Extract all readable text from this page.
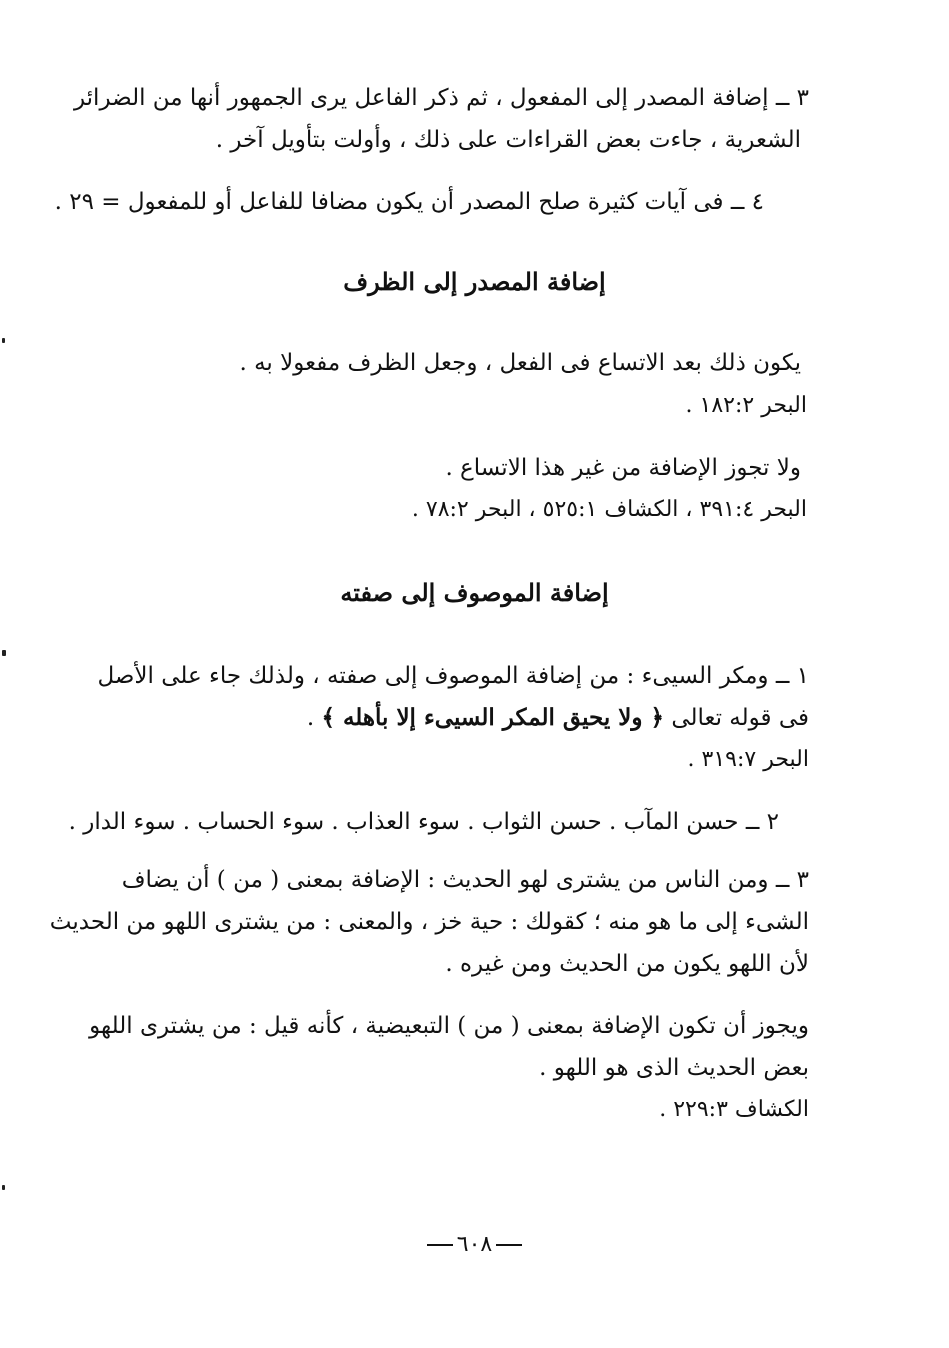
٣ ــ إضافة المصدر إلى المفعول ، ثم ذكر الفاعل يرى الجمهور أنها من الضرائر
الشعرية ، جاءت بعض القراءات على ذلك ، وأولت بتأويل آخر .
٤ ــ فى آيات كثيرة صلح المصدر أن يكون مضافا للفاعل أو للمفعول = ٢٩ .
إضافة المصدر إلى الظرف
يكون ذلك بعد الاتساع فى الفعل ، وجعل الظرف مفعولا به .
البحر ١٨٢:٢ .
ولا تجوز الإضافة من غير هذا الاتساع .
البحر ٣٩١:٤ ، الكشاف ٥٢٥:١ ، البحر ٧٨:٢ .
إضافة الموصوف إلى صفته
١ ــ ومكر السيىء : من إضافة الموصوف إلى صفته ، ولذلك جاء على الأصل
فى قوله تعالى ﴿ ولا يحيق المكر السيىء إلا بأهله ﴾ .
البحر ٣١٩:٧ .
٢ ــ حسن المآب . حسن الثواب . سوء العذاب . سوء الحساب . سوء الدار .
٣ ــ ومن الناس من يشترى لهو الحديث : الإضافة بمعنى ( من ) أن يضاف
الشىء إلى ما هو منه ؛ كقولك : حية خز ، والمعنى : من يشترى اللهو من الحديث
لأن اللهو يكون من الحديث ومن غيره .
ويجوز أن تكون الإضافة بمعنى ( من ) التبعيضية ، كأنه قيل : من يشترى اللهو
بعض الحديث الذى هو اللهو .
الكشاف ٢٢٩:٣ .
٦٠٨
